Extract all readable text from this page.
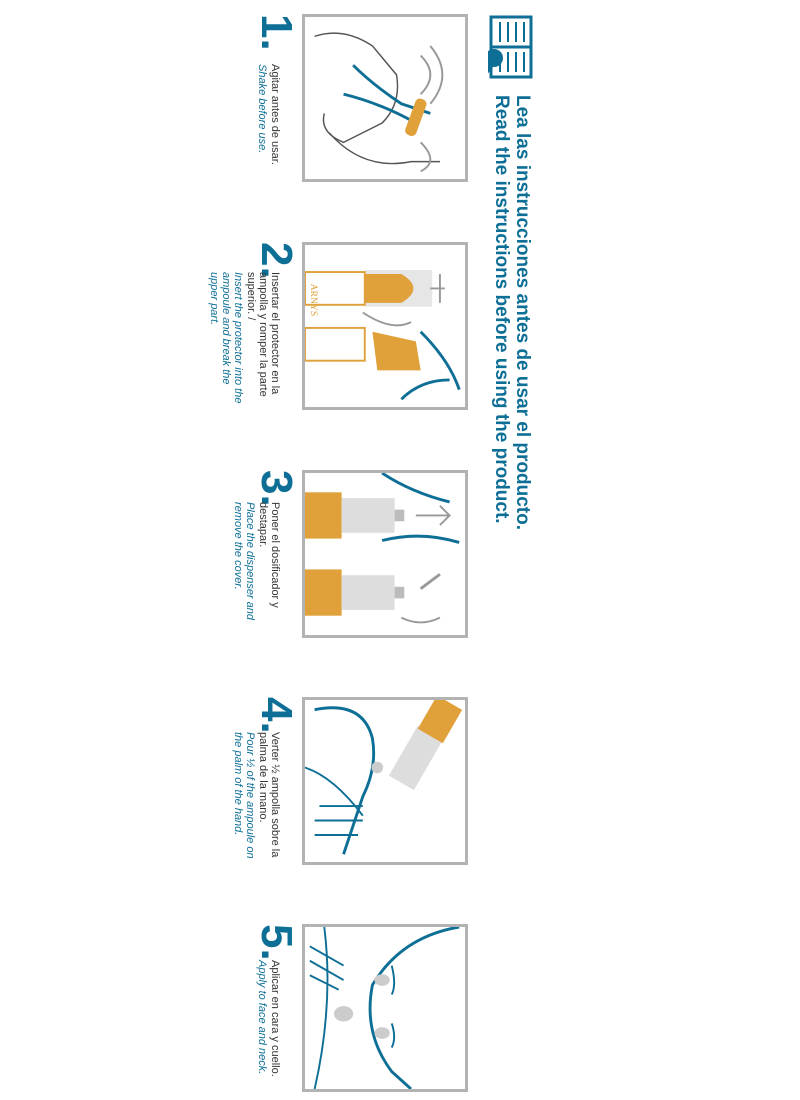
Lea las instrucciones antes de usar el producto.
Read the instructions before using the product.
1.
Agitar antes de usar.
Shake before use.
ARNYS
2.
Insertar el protector en la ampolla y romper la parte superior. /
Insert the protector into the ampoule and break the upper part.
3.
Poner el dosificador y destapar.
Place the dispenser and remove the cover.
4.
Verter ½ ampolla sobre la palma de la mano.
Pour ½ of the ampoule on the palm of the hand.
5.
Aplicar en cara y cuello.
Apply to face and neck.
